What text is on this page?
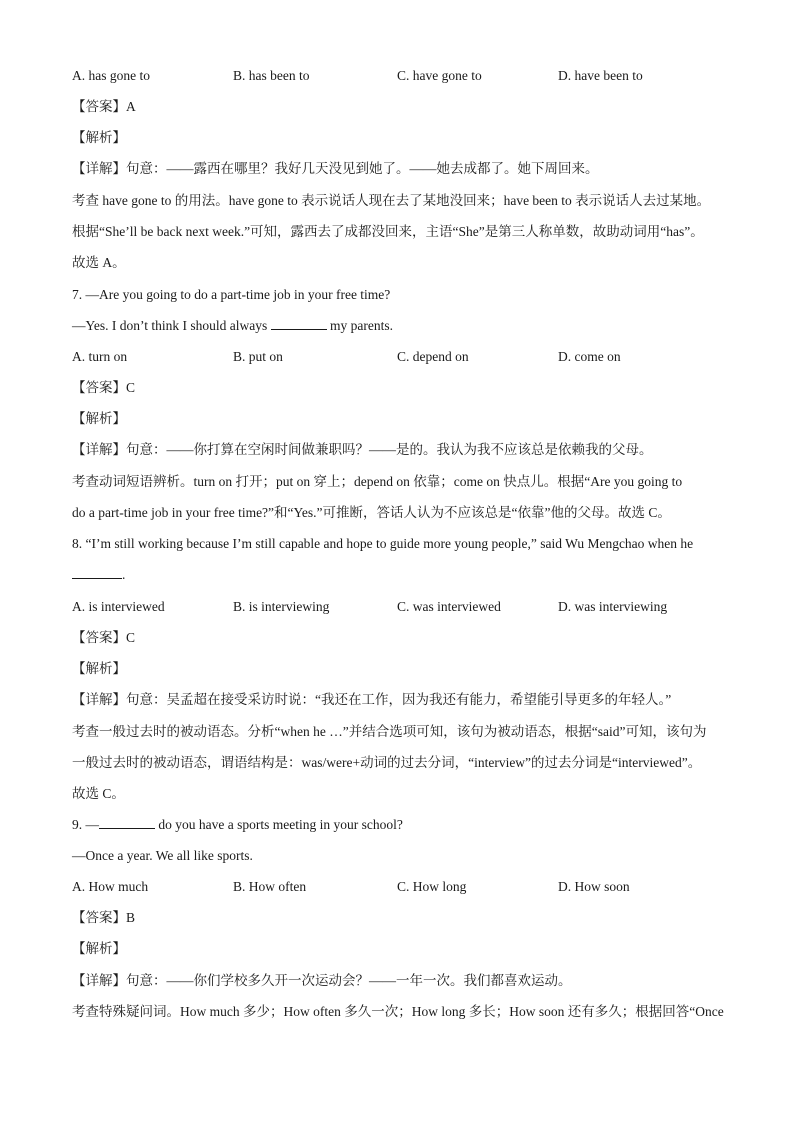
A. has gone to	B. has been to	C. have gone to	D. have been to
【答案】A
【解析】
【详解】句意：——露西在哪里？我好几天没见到她了。——她去成都了。她下周回来。
考查 have gone to 的用法。have gone to 表示说话人现在去了某地没回来；have been to 表示说话人去过某地。
根据“She’ll be back next week.”可知，露西去了成都没回来，主语“She”是第三人称单数，故助动词用“has”。
故选 A。
7. —Are you going to do a part-time job in your free time?
—Yes. I don’t think I should always	my parents.
A. turn on	B. put on	C. depend on	D. come on
【答案】C
【解析】
【详解】句意：——你打算在空闲时间做兼职吗？——是的。我认为我不应该总是依赖我的父母。
考查动词短语辨析。turn on 打开；put on 穿上；depend on 依靠；come on 快点儿。根据“Are you going to
do a part-time job in your free time?”和“Yes.”可推断，答话人认为不应该总是“依靠”他的父母。故选 C。
8. “I’m still working because I’m still capable and hope to guide more young people,” said Wu Mengchao when he
.
A. is interviewed	B. is interviewing	C. was interviewed	D. was interviewing
【答案】C
【解析】
【详解】句意：吴孟超在接受采访时说：“我还在工作，因为我还有能力，希望能引导更多的年轻人。”
考查一般过去时的被动语态。分析“when he …”并结合选项可知，该句为被动语态，根据“said”可知，该句为
一般过去时的被动语态，谓语结构是：was/were+动词的过去分词，“interview”的过去分词是“interviewed”。
故选 C。
9. —	do you have a sports meeting in your school?
—Once a year. We all like sports.
A. How much	B. How often	C. How long	D. How soon
【答案】B
【解析】
【详解】句意：——你们学校多久开一次运动会？——一年一次。我们都喜欢运动。
考查特殊疑问词。How much 多少；How often 多久一次；How long 多长；How soon 还有多久；根据回答“Once
